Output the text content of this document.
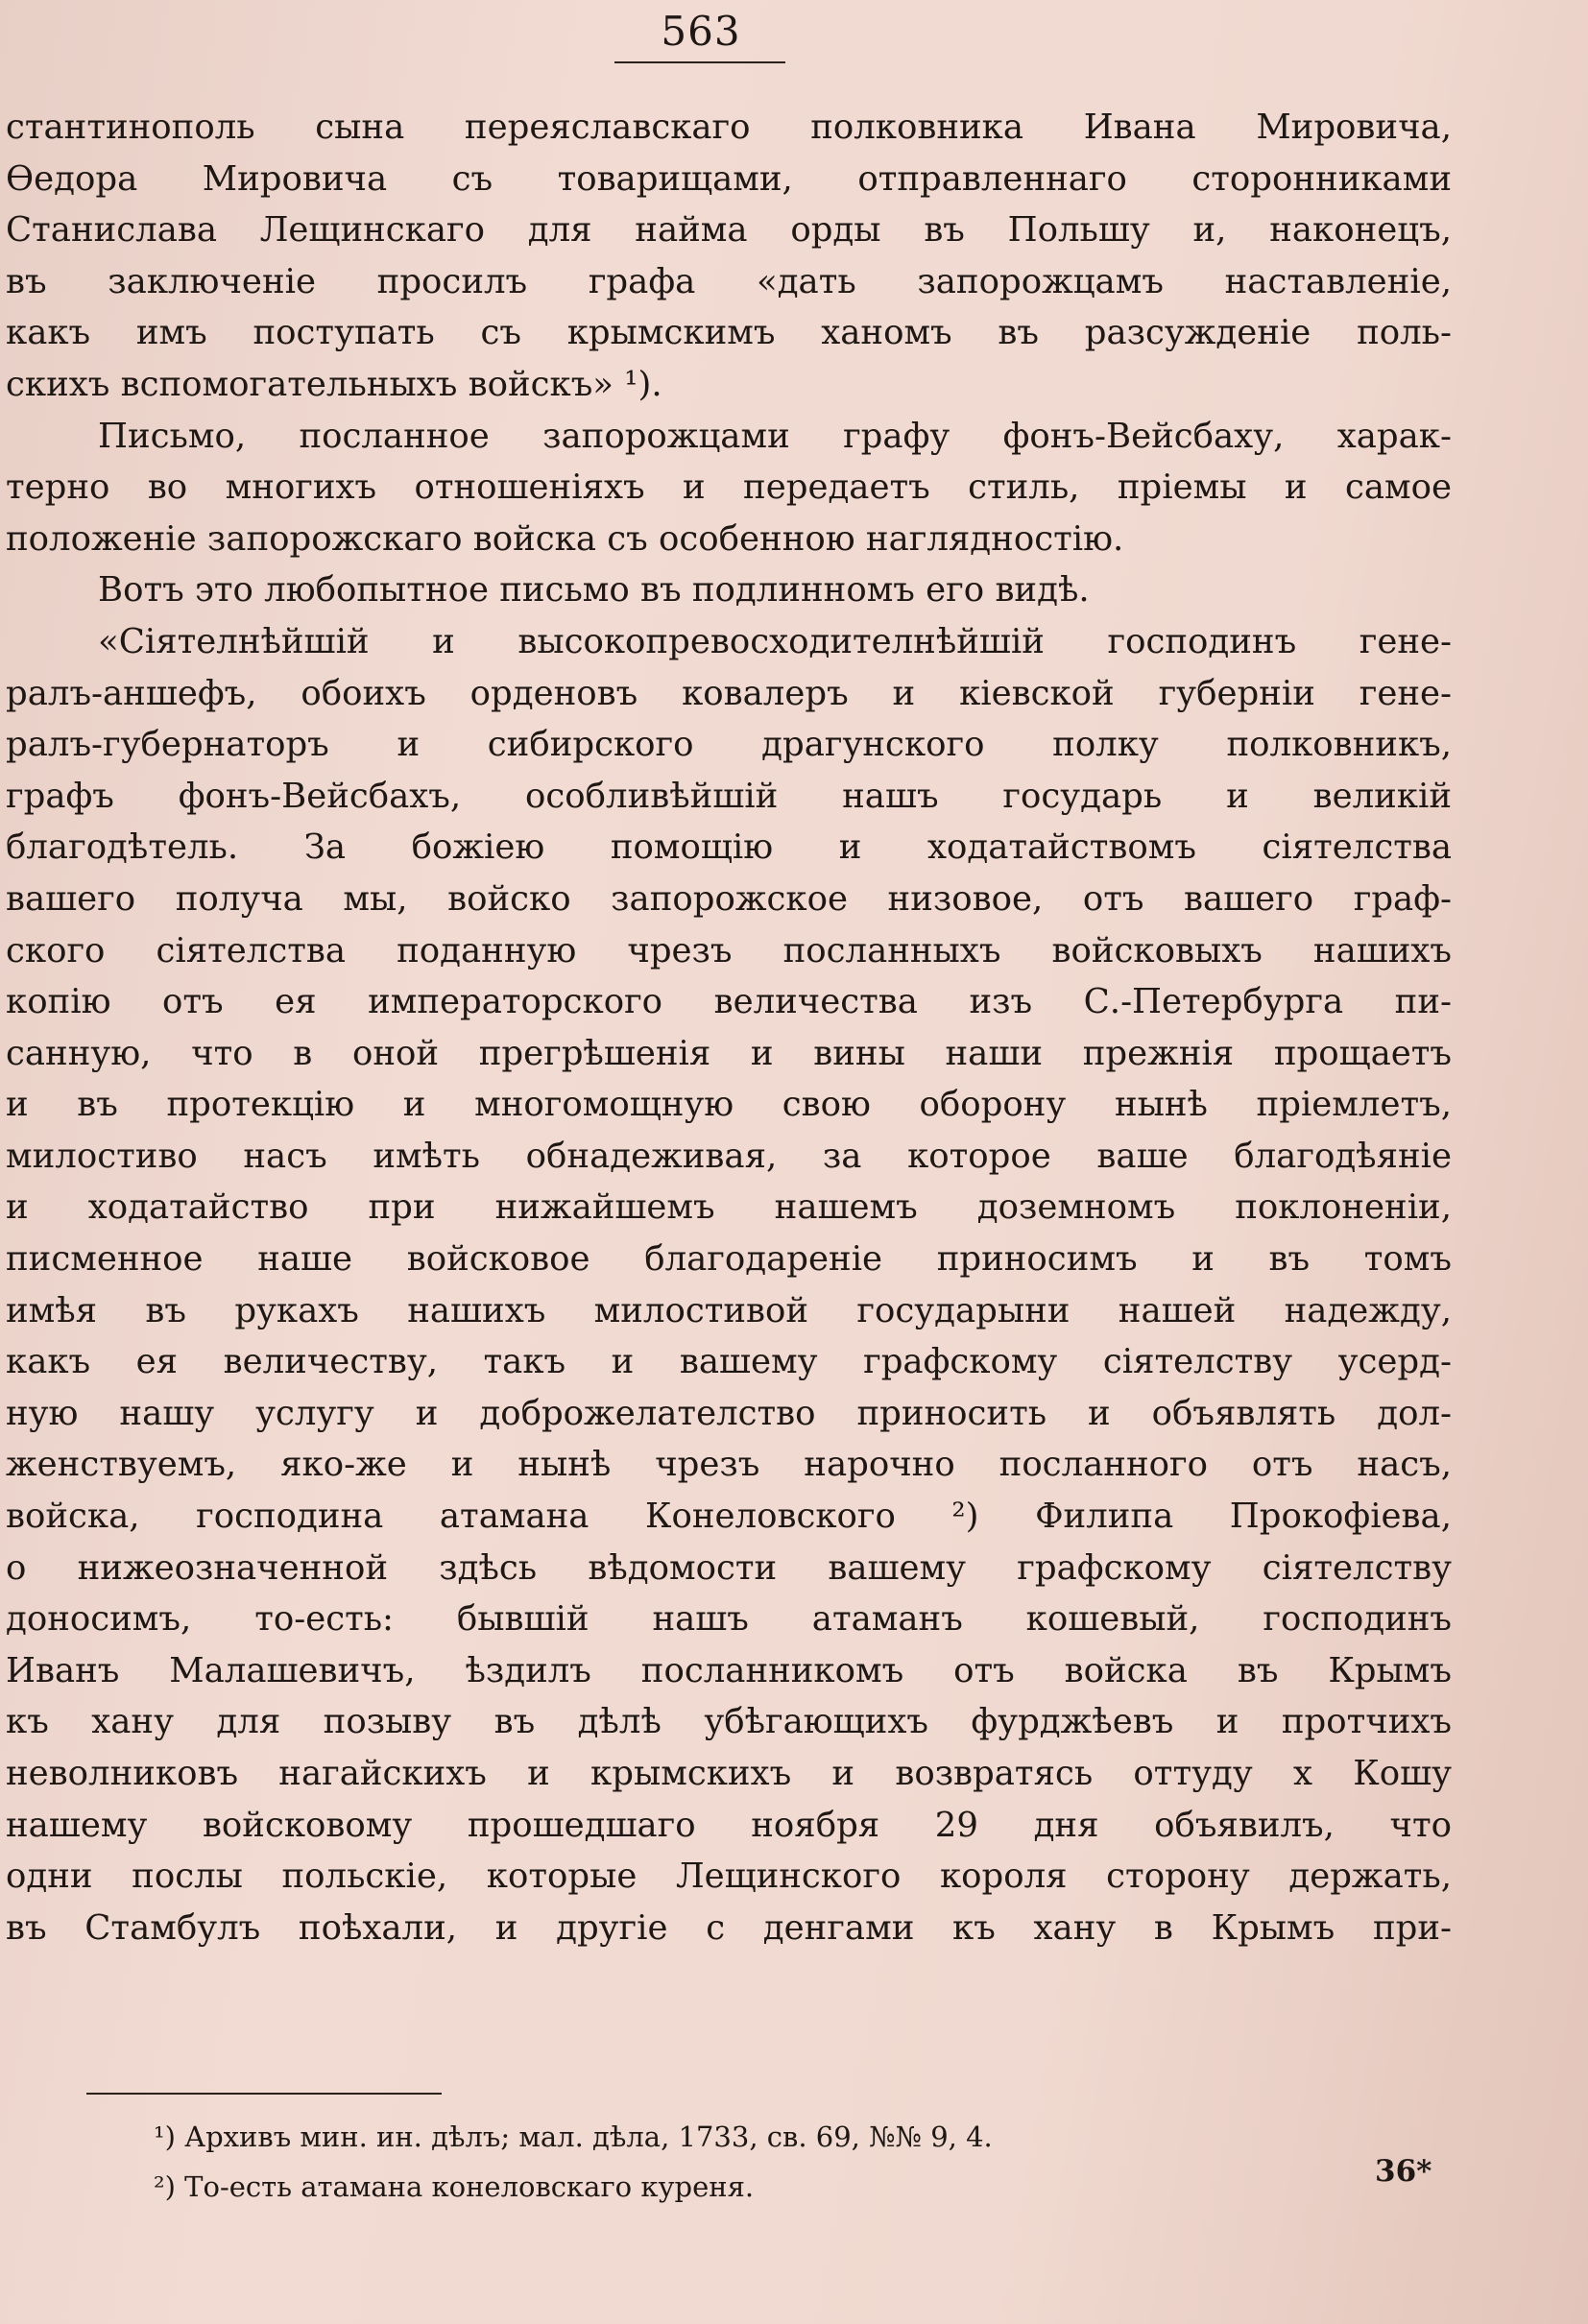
563
стантинополь сына переяславскаго полковника Ивана Мировича,
Өедора Мировича съ товарищами, отправленнаго сторонниками
Станислава Лещинскаго для найма орды въ Польшу и, наконецъ,
въ заключеніе просилъ графа «дать запорожцамъ наставленіе,
какъ имъ поступать съ крымскимъ ханомъ въ разсужденіе поль-
скихъ вспомогательныхъ войскъ» ¹).
Письмо, посланное запорожцами графу фонъ-Вейсбаху, харак-
терно во многихъ отношеніяхъ и передаетъ стиль, пріемы и самое
положеніе запорожскаго войска съ особенною наглядностію.
Вотъ это любопытное письмо въ подлинномъ его видѣ.
«Сіятелнѣйшій и высокопревосходителнѣйшій господинъ гене-
ралъ-аншефъ, обоихъ орденовъ ковалеръ и кіевской губерніи гене-
ралъ-губернаторъ и сибирского драгунского полку полковникъ,
графъ фонъ-Вейсбахъ, особливѣйшій нашъ государь и великій
благодѣтель. За божіею помощію и ходатайствомъ сіятелства
вашего получа мы, войско запорожское низовое, отъ вашего граф-
ского сіятелства поданную чрезъ посланныхъ войсковыхъ нашихъ
копію отъ ея императорского величества изъ С.-Петербурга пи-
санную, что в оной прегрѣшенія и вины наши прежнія прощаетъ
и въ протекцію и многомощную свою оборону нынѣ пріемлетъ,
милостиво насъ имѣть обнадеживая, за которое ваше благодѣяніе
и ходатайство при нижайшемъ нашемъ доземномъ поклоненіи,
писменное наше войсковое благодареніе приносимъ и въ томъ
имѣя въ рукахъ нашихъ милостивой государыни нашей надежду,
какъ ея величеству, такъ и вашему графскому сіятелству усерд-
ную нашу услугу и доброжелателство приносить и объявлять дол-
женствуемъ, яко-же и нынѣ чрезъ нарочно посланного отъ насъ,
войска, господина атамана Конеловского ²) Филипа Прокофіева,
о нижеозначенной здѣсь вѣдомости вашему графскому сіятелству
доносимъ, то-есть: бывшій нашъ атаманъ кошевый, господинъ
Иванъ Малашевичъ, ѣздилъ посланникомъ отъ войска въ Крымъ
къ хану для позыву въ дѣлѣ убѣгающихъ фурджѣевъ и протчихъ
неволниковъ нагайскихъ и крымскихъ и возвратясь оттуду х Кошу
нашему войсковому прошедшаго ноября 29 дня объявилъ, что
одни послы польскіе, которые Лещинского короля сторону держать,
въ Стамбулъ поѣхали, и другіе с денгами къ хану в Крымъ при-
¹) Архивъ мин. ин. дѣлъ; мал. дѣла, 1733, св. 69, №№ 9, 4.
²) То-есть атамана конеловскаго куреня.	36*
